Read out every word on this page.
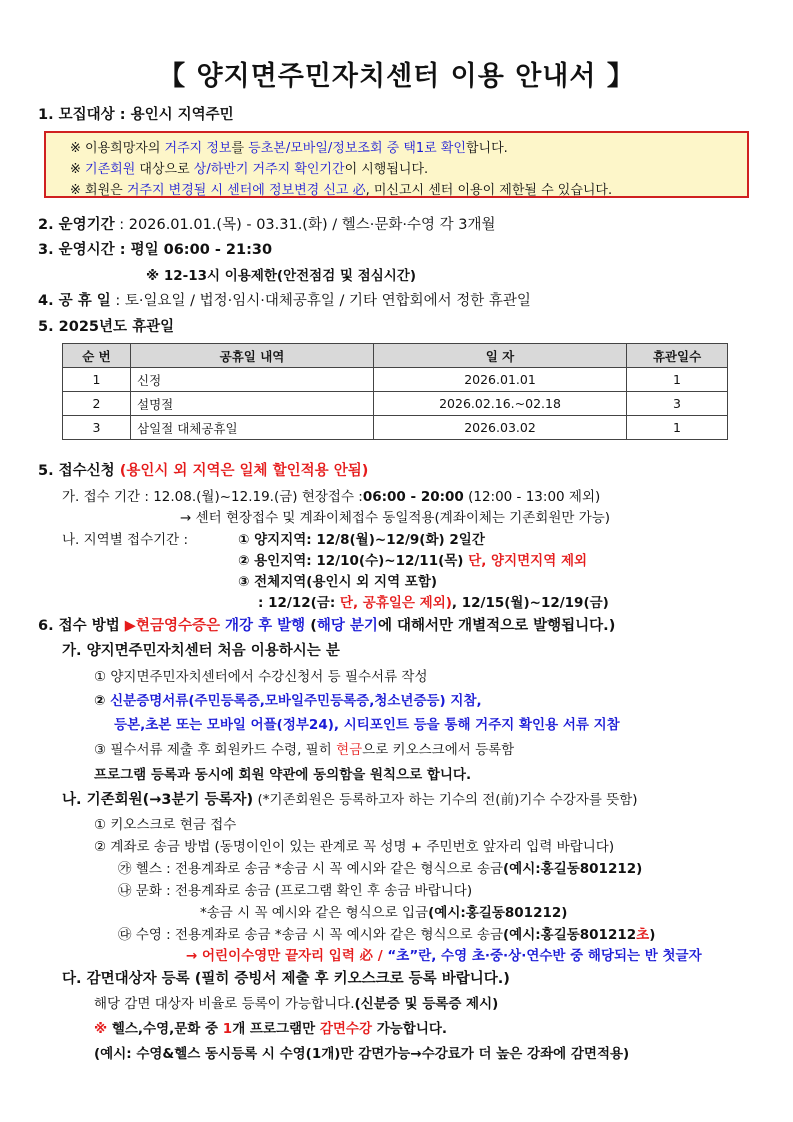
【 양지면주민자치센터 이용 안내서 】
1. 모집대상 : 용인시 지역주민
※ 이용희망자의 거주지 정보를 등초본/모바일/정보조회 중 택1로 확인합니다.
※ 기존회원 대상으로 상/하반기 거주지 확인기간이 시행됩니다.
※ 회원은 거주지 변경될 시 센터에 정보변경 신고 必, 미신고시 센터 이용이 제한될 수 있습니다.
2. 운영기간 : 2026.01.01.(목) - 03.31.(화) / 헬스·문화·수영 각 3개월
3. 운영시간 : 평일 06:00 - 21:30
※ 12-13시 이용제한(안전점검 및 점심시간)
4. 공 휴 일 : 토·일요일 / 법정·임시·대체공휴일 / 기타 연합회에서 정한 휴관일
5. 2025년도 휴관일
순 번	공휴일 내역	일 자	휴관일수
1	신정	2026.01.01	1
2	설명절	2026.02.16.~02.18	3
3	삼일절 대체공휴일	2026.03.02	1
5. 접수신청 (용인시 외 지역은 일체 할인적용 안됨)
가. 접수 기간 : 12.08.(월)~12.19.(금) 현장접수 :06:00 - 20:00 (12:00 - 13:00 제외)
→ 센터 현장접수 및 계좌이체접수 동일적용(계좌이체는 기존회원만 가능)
나. 지역별 접수기간 :	① 양지지역: 12/8(월)~12/9(화) 2일간
② 용인지역: 12/10(수)~12/11(목) 단, 양지면지역 제외
③ 전체지역(용인시 외 지역 포함)
: 12/12(금: 단, 공휴일은 제외), 12/15(월)~12/19(금)
6. 접수 방법 ▶현금영수증은 개강 후 발행 (해당 분기에 대해서만 개별적으로 발행됩니다.)
가. 양지면주민자치센터 처음 이용하시는 분
① 양지면주민자치센터에서 수강신청서 등 필수서류 작성
② 신분증명서류(주민등록증,모바일주민등록증,청소년증등) 지참,
등본,초본 또는 모바일 어플(정부24), 시티포인트 등을 통해 거주지 확인용 서류 지참
③ 필수서류 제출 후 회원카드 수령, 필히 현금으로 키오스크에서 등록함
프로그램 등록과 동시에 회원 약관에 동의함을 원칙으로 합니다.
나. 기존회원(→3분기 등록자) (*기존회원은 등록하고자 하는 기수의 전(前)기수 수강자를 뜻함)
① 키오스크로 현금 접수
② 계좌로 송금 방법 (동명이인이 있는 관계로 꼭 성명 + 주민번호 앞자리 입력 바랍니다)
㉮ 헬스 : 전용계좌로 송금 *송금 시 꼭 예시와 같은 형식으로 송금(예시:홍길동801212)
㉯ 문화 : 전용계좌로 송금 (프로그램 확인 후 송금 바랍니다)
*송금 시 꼭 예시와 같은 형식으로 입금(예시:홍길동801212)
㉰ 수영 : 전용계좌로 송금 *송금 시 꼭 예시와 같은 형식으로 송금(예시:홍길동801212초)
→ 어린이수영만 끝자리 입력 必 / “초”란, 수영 초·중·상·연수반 중 해당되는 반 첫글자
다. 감면대상자 등록 (필히 증빙서 제출 후 키오스크로 등록 바랍니다.)
해당 감면 대상자 비율로 등록이 가능합니다.(신분증 및 등록증 제시)
※ 헬스,수영,문화 중 1개 프로그램만 감면수강 가능합니다.
(예시: 수영&헬스 동시등록 시 수영(1개)만 감면가능→수강료가 더 높은 강좌에 감면적용)
